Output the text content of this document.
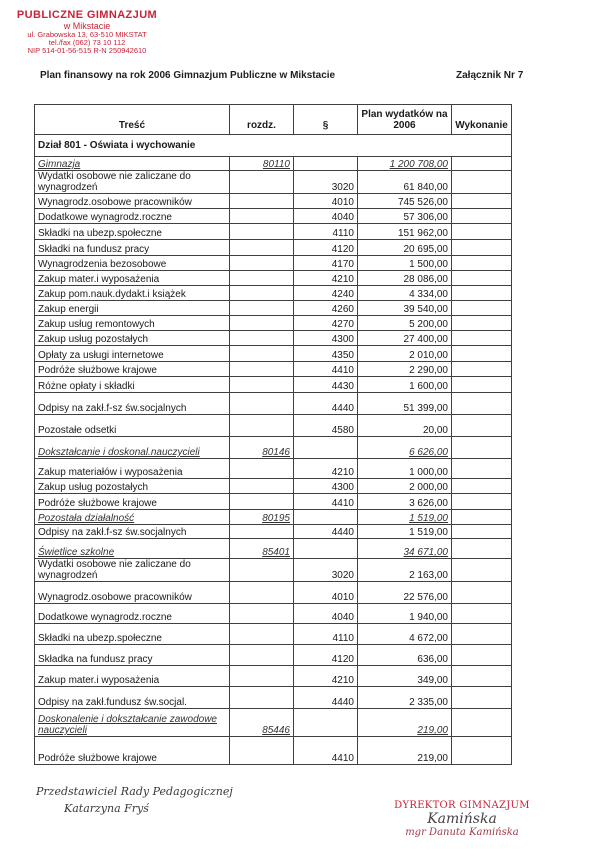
PUBLICZNE GIMNAZJUM
w Mikstacie
ul. Grabowska 13, 63-510 MIKSTAT
tel./fax (062) 73 10 112
NIP 514-01-56-515 R-N 250942610
Plan finansowy na rok 2006 Gimnazjum Publiczne w Mikstacie	Załącznik Nr 7
Treść	rozdz.	§	Plan wydatków na 2006	Wykonanie
Dział 801 - Oświata i wychowanie				
Gimnazja	80110		1 200 708,00	
Wydatki osobowe nie zaliczane do wynagrodzeń		3020	61 840,00	
Wynagrodz.osobowe pracowników		4010	745 526,00	
Dodatkowe wynagrodz.roczne		4040	57 306,00	
Składki na ubezp.społeczne		4110	151 962,00	
Składki na fundusz pracy		4120	20 695,00	
Wynagrodzenia bezosobowe		4170	1 500,00	
Zakup mater.i wyposażenia		4210	28 086,00	
Zakup pom.nauk.dydakt.i książek		4240	4 334,00	
Zakup energii		4260	39 540,00	
Zakup usług remontowych		4270	5 200,00	
Zakup usług pozostałych		4300	27 400,00	
Opłaty za usługi internetowe		4350	2 010,00	
Podróże służbowe krajowe		4410	2 290,00	
Różne opłaty i składki		4430	1 600,00	
Odpisy na zakł.f-sz św.socjalnych		4440	51 399,00	
Pozostałe odsetki		4580	20,00	
Dokształcanie i doskonal.nauczycieli	80146		6 626,00	
Zakup materiałów i wyposażenia		4210	1 000,00	
Zakup usług pozostałych		4300	2 000,00	
Podróże służbowe krajowe		4410	3 626,00	
Pozostała działalność	80195		1 519,00	
Odpisy na zakł.f-sz św.socjalnych		4440	1 519,00	
Świetlice szkolne	85401		34 671,00	
Wydatki osobowe nie zaliczane do wynagrodzeń		3020	2 163,00	
Wynagrodz.osobowe pracowników		4010	22 576,00	
Dodatkowe wynagrodz.roczne		4040	1 940,00	
Składki na ubezp.społeczne		4110	4 672,00	
Składka na fundusz pracy		4120	636,00	
Zakup mater.i wyposażenia		4210	349,00	
Odpisy na zakł.fundusz św.socjal.		4440	2 335,00	
Doskonalenie i dokształcanie zawodowe nauczycieli	85446		219,00	
Podróże służbowe krajowe		4410	219,00	
Przedstawiciel Rady Pedagogicznej
Katarzyna Fryś	DYREKTOR GIMNAZJUM
Kamińska
mgr Danuta Kamińska
